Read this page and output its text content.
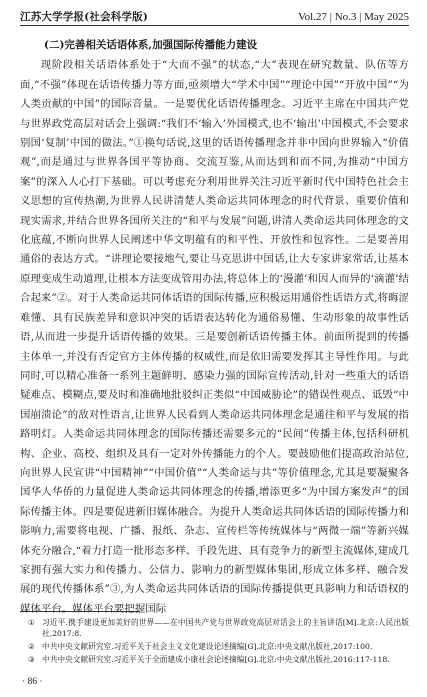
江苏大学学报(社会科学版)	Vol.27 | No.3 | May 2025
(二)完善相关话语体系,加强国际传播能力建设

现阶段相关话语体系处于“大而不强”的状态,“大”表现在研究数量、队伍等方面,“不强”体现在话语传播力等方面,亟须增大“学术中国”“理论中国”“开放中国”“为人类贡献的中国”的国际音量。一是要优化话语传播理念。习近平主席在中国共产党与世界政党高层对话会上强调:“我们不‘输入’外国模式,也不‘输出’中国模式,不会要求别国‘复制’中国的做法。”①换句话说,这里的话语传播理念并非中国向世界输入“价值观”,而是通过与世界各国平等协商、交流互鉴,从而达到和而不同,为推动“中国方案”的深入人心打下基础。可以考虑充分利用世界关注习近平新时代中国特色社会主义思想的宣传热潮,为世界人民讲清楚人类命运共同体理念的时代背景、重要价值和现实需求,并结合世界各国所关注的“和平与发展”问题,讲清人类命运共同体理念的文化底蕴,不断向世界人民阐述中华文明蕴有的和平性、开放性和包容性。二是要善用通俗的表达方式。“讲理论要接地气,要让马克思讲中国话,让大专家讲家常话,让基本原理变成生动道理,让根本方法变成管用办法,将总体上的‘漫灌’和因人而异的‘滴灌’结合起来”②。对于人类命运共同体话语的国际传播,应积极运用通俗性话语方式,将晦涩难懂、具有民族差异和意识冲突的话语表达转化为通俗易懂、生动形象的故事性话语,从而进一步提升话语传播的效果。三是要创新话语传播主体。前面所提到的传播主体单一,并没有否定官方主体传播的权威性,而是依旧需要发挥其主导性作用。与此同时,可以精心准备一系列主题鲜明、感染力强的国际宣传活动,针对一些重大的话语疑难点、模糊点,要及时和准确地批驳纠正类似“中国威胁论”的错误性观点、诋毁“中国崩溃论”的敌对性语言,让世界人民看到人类命运共同体理念是通往和平与发展的指路明灯。人类命运共同体理念的国际传播还需要多元的“民间”传播主体,包括科研机构、企业、高校、组织及具有一定对外传播能力的个人。要鼓励他们提高政治站位,向世界人民宣讲“中国精神”“中国价值”“人类命运与共”等价值理念,尤其是要凝聚各国华人华侨的力量促进人类命运共同体理念的传播,增添更多“为中国方案发声”的国际传播主体。四是要促进新旧媒体融合。为提升人类命运共同体话语的国际传播力和影响力,需要将电视、广播、报纸、杂志、宣传栏等传统媒体与“两微一端”等新兴媒体充分融合,“着力打造一批形态多样、手段先进、具有竞争力的新型主流媒体,建成几家拥有强大实力和传播力、公信力、影响力的新型媒体集团,形成立体多样、融合发展的现代传播体系”③,为人类命运共同体话语的国际传播提供更具影响力和话语权的媒体平台。媒体平台要把握国际

① 习近平.携手建设更加美好的世界——在中国共产党与世界政党高层对话会上的主旨讲话[M].北京:人民出版社,2017:8.
② 中共中央文献研究室.习近平关于社会主义文化建设论述摘编[G].北京:中央文献出版社,2017:100.
③ 中共中央文献研究室.习近平关于全面建成小康社会论述摘编[G].北京:中央文献出版社,2016:117-118.
· 86 ·
